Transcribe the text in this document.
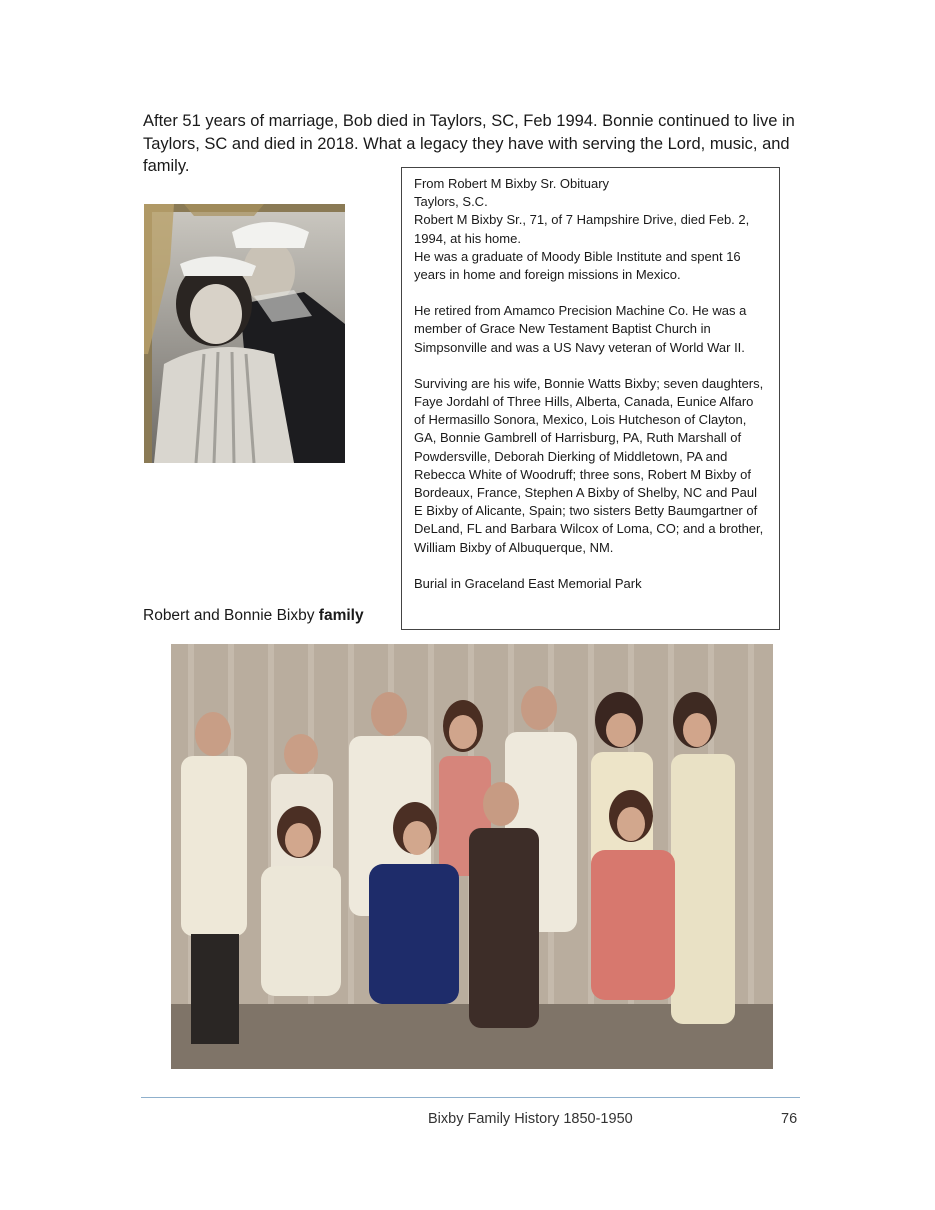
After 51 years of marriage, Bob died in Taylors, SC, Feb 1994. Bonnie continued to live in Taylors, SC and died in 2018. What a legacy they have with serving the Lord, music, and family.

From Robert M Bixby Sr. Obituary

Taylors, S.C.

Robert M Bixby Sr., 71, of 7 Hampshire Drive, died Feb. 2, 1994, at his home.

He was a graduate of Moody Bible Institute and spent 16 years in home and foreign missions in Mexico.

He retired from Amamco Precision Machine Co. He was a member of Grace New Testament Baptist Church in Simpsonville and was a US Navy veteran of World War II.

Surviving are his wife, Bonnie Watts Bixby; seven daughters, Faye Jordahl of Three Hills, Alberta, Canada, Eunice Alfaro of Hermasillo Sonora, Mexico, Lois Hutcheson of Clayton, GA, Bonnie Gambrell of Harrisburg, PA, Ruth Marshall of Powdersville, Deborah Dierking of Middletown, PA and Rebecca White of Woodruff; three sons, Robert M Bixby of Bordeaux, France, Stephen A Bixby of Shelby, NC and Paul E Bixby of Alicante, Spain; two sisters Betty Baumgartner of DeLand, FL and Barbara Wilcox of Loma, CO; and a brother, William Bixby of Albuquerque, NM.

Burial in Graceland East Memorial Park

Robert and Bonnie Bixby family

Bixby Family History 1850-1950	76
